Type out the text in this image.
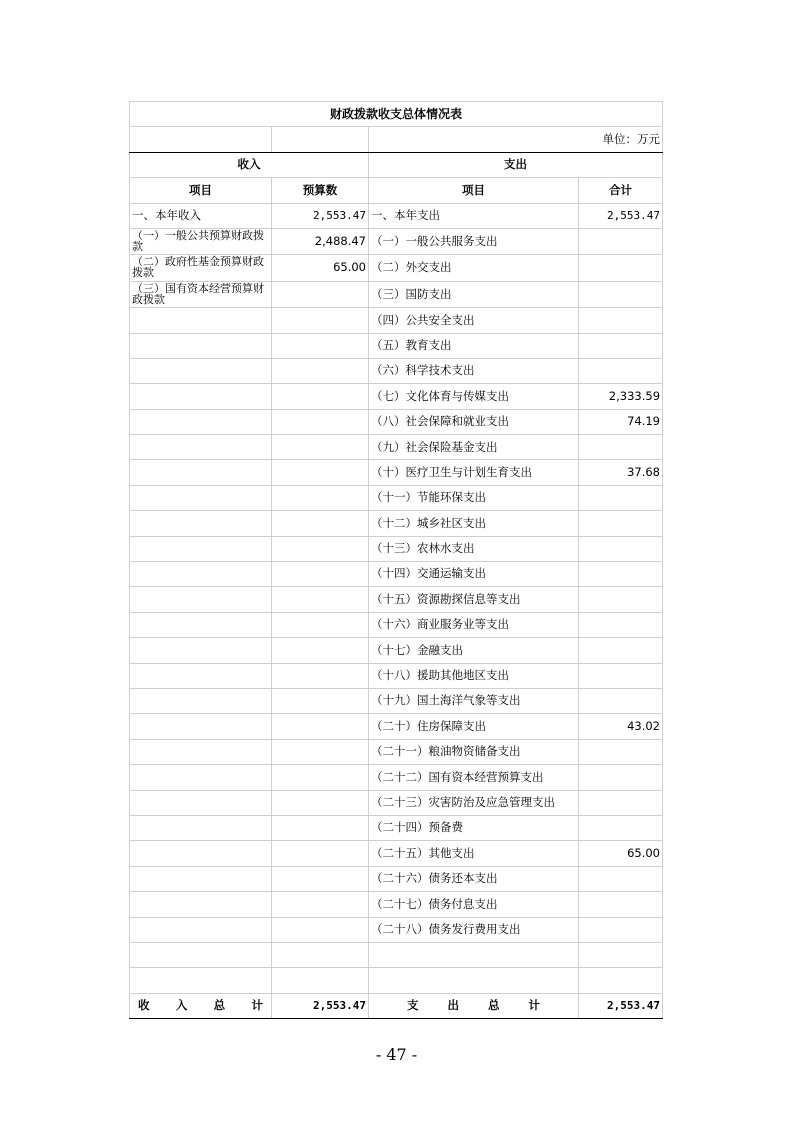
财政拨款收支总体情况表			
		单位：万元	
收入		支出	
项目	预算数	项目	合计
一、本年收入	2,553.47	一、本年支出	2,553.47
（一）一般公共预算财政拨款	2,488.47	（一）一般公共服务支出	
（二）政府性基金预算财政拨款	65.00	（二）外交支出	
（三）国有资本经营预算财政拨款		（三）国防支出	
		（四）公共安全支出	
		（五）教育支出	
		（六）科学技术支出	
		（七）文化体育与传媒支出	2,333.59
		（八）社会保障和就业支出	74.19
		（九）社会保险基金支出	
		（十）医疗卫生与计划生育支出	37.68
		（十一）节能环保支出	
		（十二）城乡社区支出	
		（十三）农林水支出	
		（十四）交通运输支出	
		（十五）资源勘探信息等支出	
		（十六）商业服务业等支出	
		（十七）金融支出	
		（十八）援助其他地区支出	
		（十九）国土海洋气象等支出	
		（二十）住房保障支出	43.02
		（二十一）粮油物资储备支出	
		（二十二）国有资本经营预算支出	
		（二十三）灾害防治及应急管理支出	
		（二十四）预备费	
		（二十五）其他支出	65.00
		（二十六）债务还本支出	
		（二十七）债务付息支出	
		（二十八）债务发行费用支出	

收 入 总 计	2,553.47	支 出 总 计	2,553.47
- 47 -
